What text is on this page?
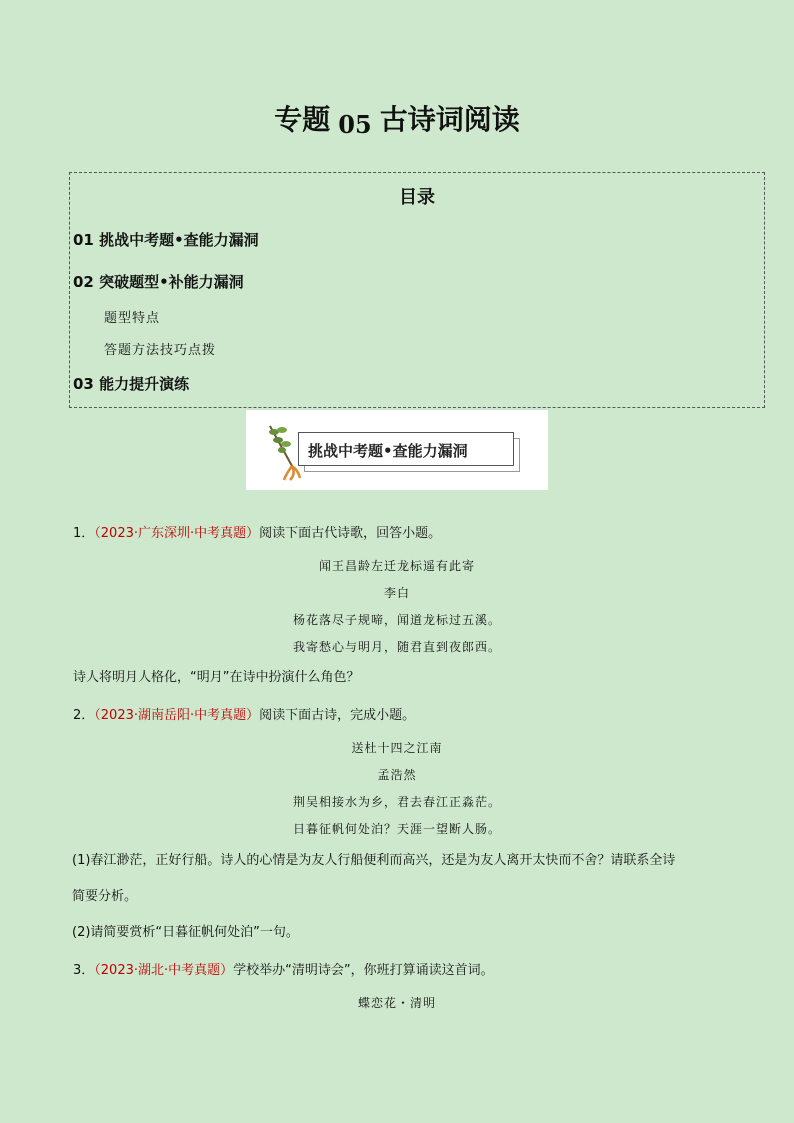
专题 05 古诗词阅读
目录
01 挑战中考题•查能力漏洞
02 突破题型•补能力漏洞
题型特点
答题方法技巧点拨
03 能力提升演练
挑战中考题•查能力漏洞
1．（2023·广东深圳·中考真题）阅读下面古代诗歌，回答小题。
闻王昌龄左迁龙标遥有此寄
李白
杨花落尽子规啼，闻道龙标过五溪。
我寄愁心与明月，随君直到夜郎西。
诗人将明月人格化，“明月”在诗中扮演什么角色？
2．（2023·湖南岳阳·中考真题）阅读下面古诗，完成小题。
送杜十四之江南
孟浩然
荆吴相接水为乡，君去春江正淼茫。
日暮征帆何处泊？天涯一望断人肠。
(1)春江渺茫，正好行船。诗人的心情是为友人行船便利而高兴，还是为友人离开太快而不舍？请联系全诗
简要分析。
(2)请简要赏析“日暮征帆何处泊”一句。
3．（2023·湖北·中考真题）学校举办“清明诗会”，你班打算诵读这首词。
蝶恋花・清明
